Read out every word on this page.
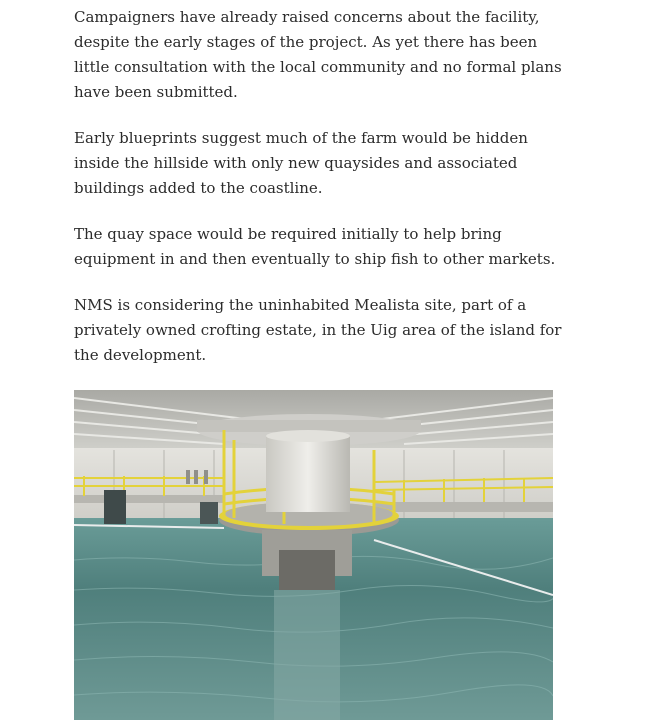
Campaigners have already raised concerns about the facility, despite the early stages of the project. As yet there has been little consultation with the local community and no formal plans have been submitted.

Early blueprints suggest much of the farm would be hidden inside the hillside with only new quaysides and associated buildings added to the coastline.

The quay space would be required initially to help bring equipment in and then eventually to ship fish to other markets.

NMS is considering the uninhabited Mealista site, part of a privately owned crofting estate, in the Uig area of the island for the development.
